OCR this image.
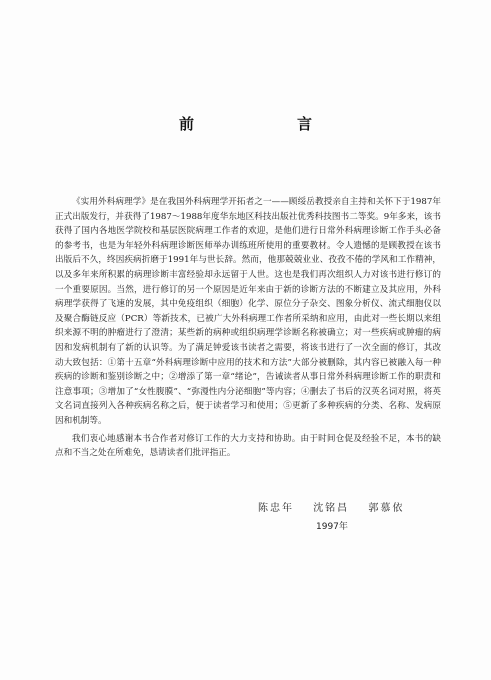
前　言

《实用外科病理学》是在我国外科病理学开拓者之一——顾绥岳教授亲自主持和关怀下于1987年正式出版发行，并获得了1987～1988年度华东地区科技出版社优秀科技图书二等奖。9年多来，该书获得了国内各地医学院校和基层医院病理工作者的欢迎，是他们进行日常外科病理诊断工作手头必备的参考书，也是为年轻外科病理诊断医师举办训练班所使用的重要教材。令人遗憾的是顾教授在该书出版后不久，终因疾病折磨于1991年与世长辞。然而，他那兢兢业业、孜孜不倦的学风和工作精神，以及多年来所积累的病理诊断丰富经验却永远留于人世。这也是我们再次组织人力对该书进行修订的一个重要原因。当然，进行修订的另一个原因是近年来由于新的诊断方法的不断建立及其应用，外科病理学获得了飞速的发展，其中免疫组织（细胞）化学、原位分子杂交、图象分析仪、流式细胞仪以及聚合酶链反应（PCR）等新技术，已被广大外科病理工作者所采纳和应用，由此对一些长期以来组织来源不明的肿瘤进行了澄清；某些新的病种或组织病理学诊断名称被确立；对一些疾病或肿瘤的病因和发病机制有了新的认识等。为了满足钟爱该书读者之需要，将该书进行了一次全面的修订，其改动大致包括：①第十五章“外科病理诊断中应用的技术和方法”大部分被删除，其内容已被融入每一种疾病的诊断和鉴别诊断之中；②增添了第一章“绪论”，告诫读者从事日常外科病理诊断工作的职责和注意事项；③增加了“女性腹膜”、“弥漫性内分泌细胞”等内容；④删去了书后的汉英名词对照，将英文名词直接列入各种疾病名称之后，便于读者学习和使用；⑤更新了多种疾病的分类、名称、发病原因和机制等。

我们衷心地感谢本书合作者对修订工作的大力支持和协助。由于时间仓促及经验不足，本书的缺点和不当之处在所难免，恳请读者们批评指正。

陈忠年 沈铭昌 郭慕依
1997年
